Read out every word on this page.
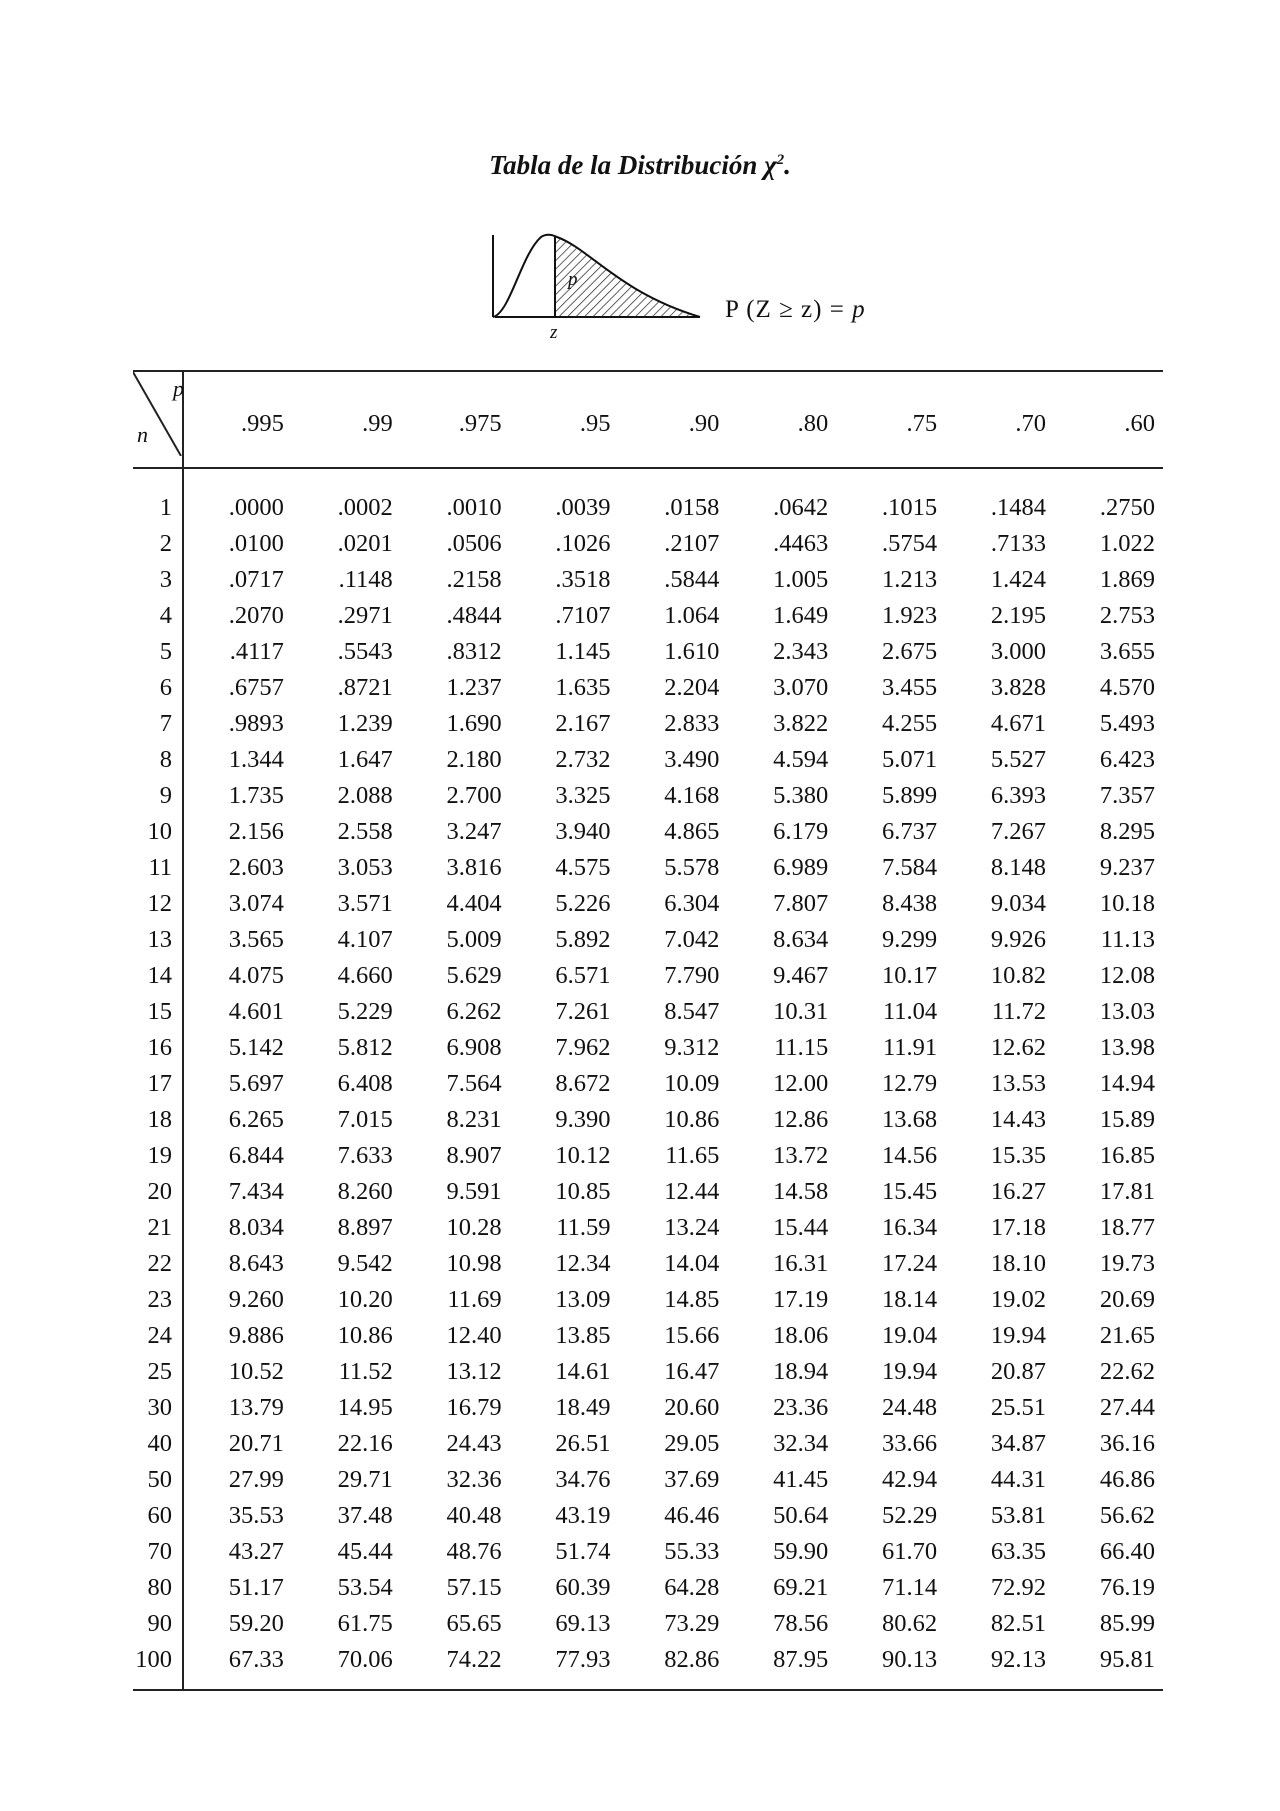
Tabla de la Distribución $\chi^2$.
p
z
P (Z ≥ z) = p
p
n	.995	.99	.975	.95	.90	.80	.75	.70	.60
1	.0000	.0002	.0010	.0039	.0158	.0642	.1015	.1484	.2750
2	.0100	.0201	.0506	.1026	.2107	.4463	.5754	.7133	1.022
3	.0717	.1148	.2158	.3518	.5844	1.005	1.213	1.424	1.869
4	.2070	.2971	.4844	.7107	1.064	1.649	1.923	2.195	2.753
5	.4117	.5543	.8312	1.145	1.610	2.343	2.675	3.000	3.655
6	.6757	.8721	1.237	1.635	2.204	3.070	3.455	3.828	4.570
7	.9893	1.239	1.690	2.167	2.833	3.822	4.255	4.671	5.493
8	1.344	1.647	2.180	2.732	3.490	4.594	5.071	5.527	6.423
9	1.735	2.088	2.700	3.325	4.168	5.380	5.899	6.393	7.357
10	2.156	2.558	3.247	3.940	4.865	6.179	6.737	7.267	8.295
11	2.603	3.053	3.816	4.575	5.578	6.989	7.584	8.148	9.237
12	3.074	3.571	4.404	5.226	6.304	7.807	8.438	9.034	10.18
13	3.565	4.107	5.009	5.892	7.042	8.634	9.299	9.926	11.13
14	4.075	4.660	5.629	6.571	7.790	9.467	10.17	10.82	12.08
15	4.601	5.229	6.262	7.261	8.547	10.31	11.04	11.72	13.03
16	5.142	5.812	6.908	7.962	9.312	11.15	11.91	12.62	13.98
17	5.697	6.408	7.564	8.672	10.09	12.00	12.79	13.53	14.94
18	6.265	7.015	8.231	9.390	10.86	12.86	13.68	14.43	15.89
19	6.844	7.633	8.907	10.12	11.65	13.72	14.56	15.35	16.85
20	7.434	8.260	9.591	10.85	12.44	14.58	15.45	16.27	17.81
21	8.034	8.897	10.28	11.59	13.24	15.44	16.34	17.18	18.77
22	8.643	9.542	10.98	12.34	14.04	16.31	17.24	18.10	19.73
23	9.260	10.20	11.69	13.09	14.85	17.19	18.14	19.02	20.69
24	9.886	10.86	12.40	13.85	15.66	18.06	19.04	19.94	21.65
25	10.52	11.52	13.12	14.61	16.47	18.94	19.94	20.87	22.62
30	13.79	14.95	16.79	18.49	20.60	23.36	24.48	25.51	27.44
40	20.71	22.16	24.43	26.51	29.05	32.34	33.66	34.87	36.16
50	27.99	29.71	32.36	34.76	37.69	41.45	42.94	44.31	46.86
60	35.53	37.48	40.48	43.19	46.46	50.64	52.29	53.81	56.62
70	43.27	45.44	48.76	51.74	55.33	59.90	61.70	63.35	66.40
80	51.17	53.54	57.15	60.39	64.28	69.21	71.14	72.92	76.19
90	59.20	61.75	65.65	69.13	73.29	78.56	80.62	82.51	85.99
100	67.33	70.06	74.22	77.93	82.86	87.95	90.13	92.13	95.81
